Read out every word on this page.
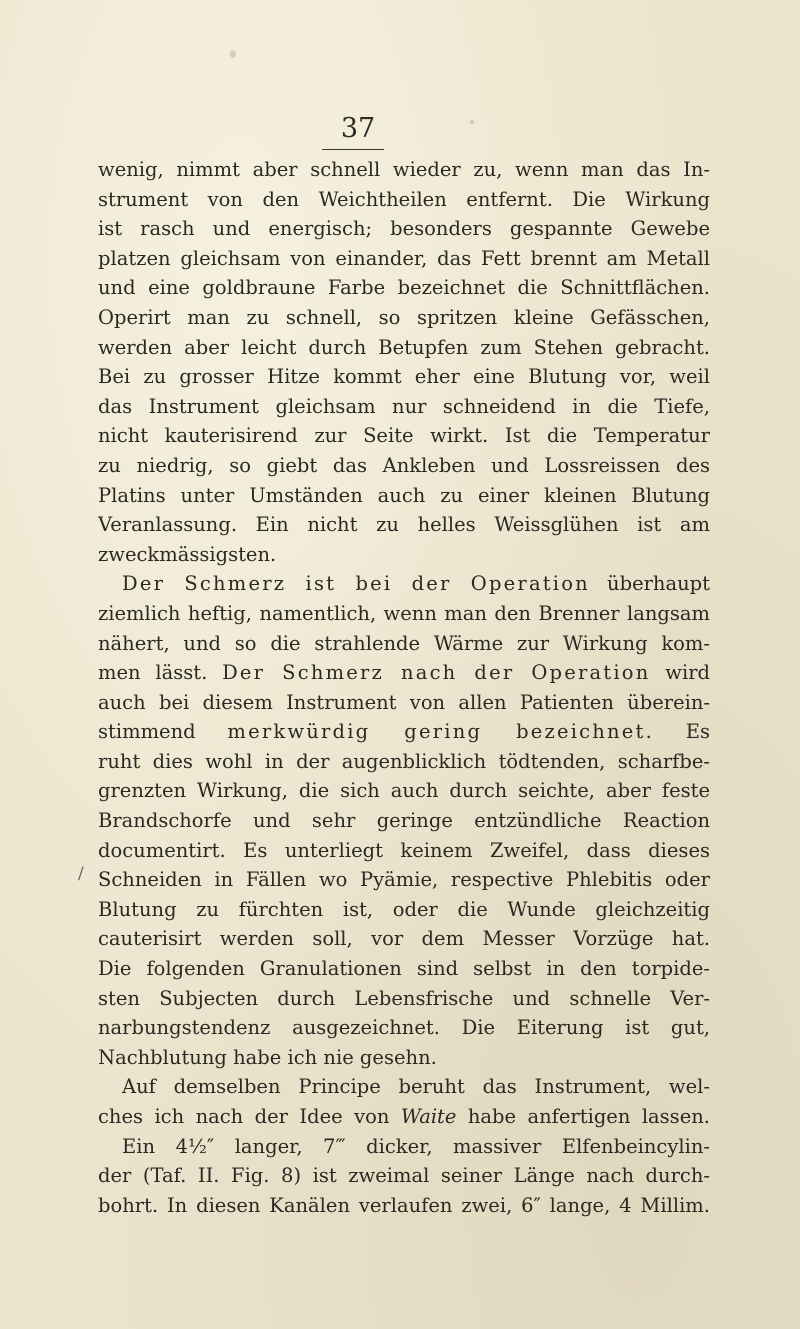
37

/
wenig, nimmt aber schnell wieder zu, wenn man das In-
strument von den Weichtheilen entfernt. Die Wirkung
ist rasch und energisch; besonders gespannte Gewebe
platzen gleichsam von einander, das Fett brennt am Metall
und eine goldbraune Farbe bezeichnet die Schnittflächen.
Operirt man zu schnell, so spritzen kleine Gefässchen,
werden aber leicht durch Betupfen zum Stehen gebracht.
Bei zu grosser Hitze kommt eher eine Blutung vor, weil
das Instrument gleichsam nur schneidend in die Tiefe,
nicht kauterisirend zur Seite wirkt. Ist die Temperatur
zu niedrig, so giebt das Ankleben und Lossreissen des
Platins unter Umständen auch zu einer kleinen Blutung
Veranlassung. Ein nicht zu helles Weissglühen ist am
zweckmässigsten.
Der Schmerz ist bei der Operation überhaupt
ziemlich heftig, namentlich, wenn man den Brenner langsam
nähert, und so die strahlende Wärme zur Wirkung kom-
men lässt. Der Schmerz nach der Operation wird
auch bei diesem Instrument von allen Patienten überein-
stimmend merkwürdig gering bezeichnet. Es
ruht dies wohl in der augenblicklich tödtenden, scharfbe-
grenzten Wirkung, die sich auch durch seichte, aber feste
Brandschorfe und sehr geringe entzündliche Reaction
documentirt. Es unterliegt keinem Zweifel, dass dieses
Schneiden in Fällen wo Pyämie, respective Phlebitis oder
Blutung zu fürchten ist, oder die Wunde gleichzeitig
cauterisirt werden soll, vor dem Messer Vorzüge hat.
Die folgenden Granulationen sind selbst in den torpide-
sten Subjecten durch Lebensfrische und schnelle Ver-
narbungstendenz ausgezeichnet. Die Eiterung ist gut,
Nachblutung habe ich nie gesehn.
Auf demselben Principe beruht das Instrument, wel-
ches ich nach der Idee von Waite habe anfertigen lassen.
Ein 4½″ langer, 7‴ dicker, massiver Elfenbeincylin-
der (Taf. II. Fig. 8) ist zweimal seiner Länge nach durch-
bohrt. In diesen Kanälen verlaufen zwei, 6″ lange, 4 Millim.
